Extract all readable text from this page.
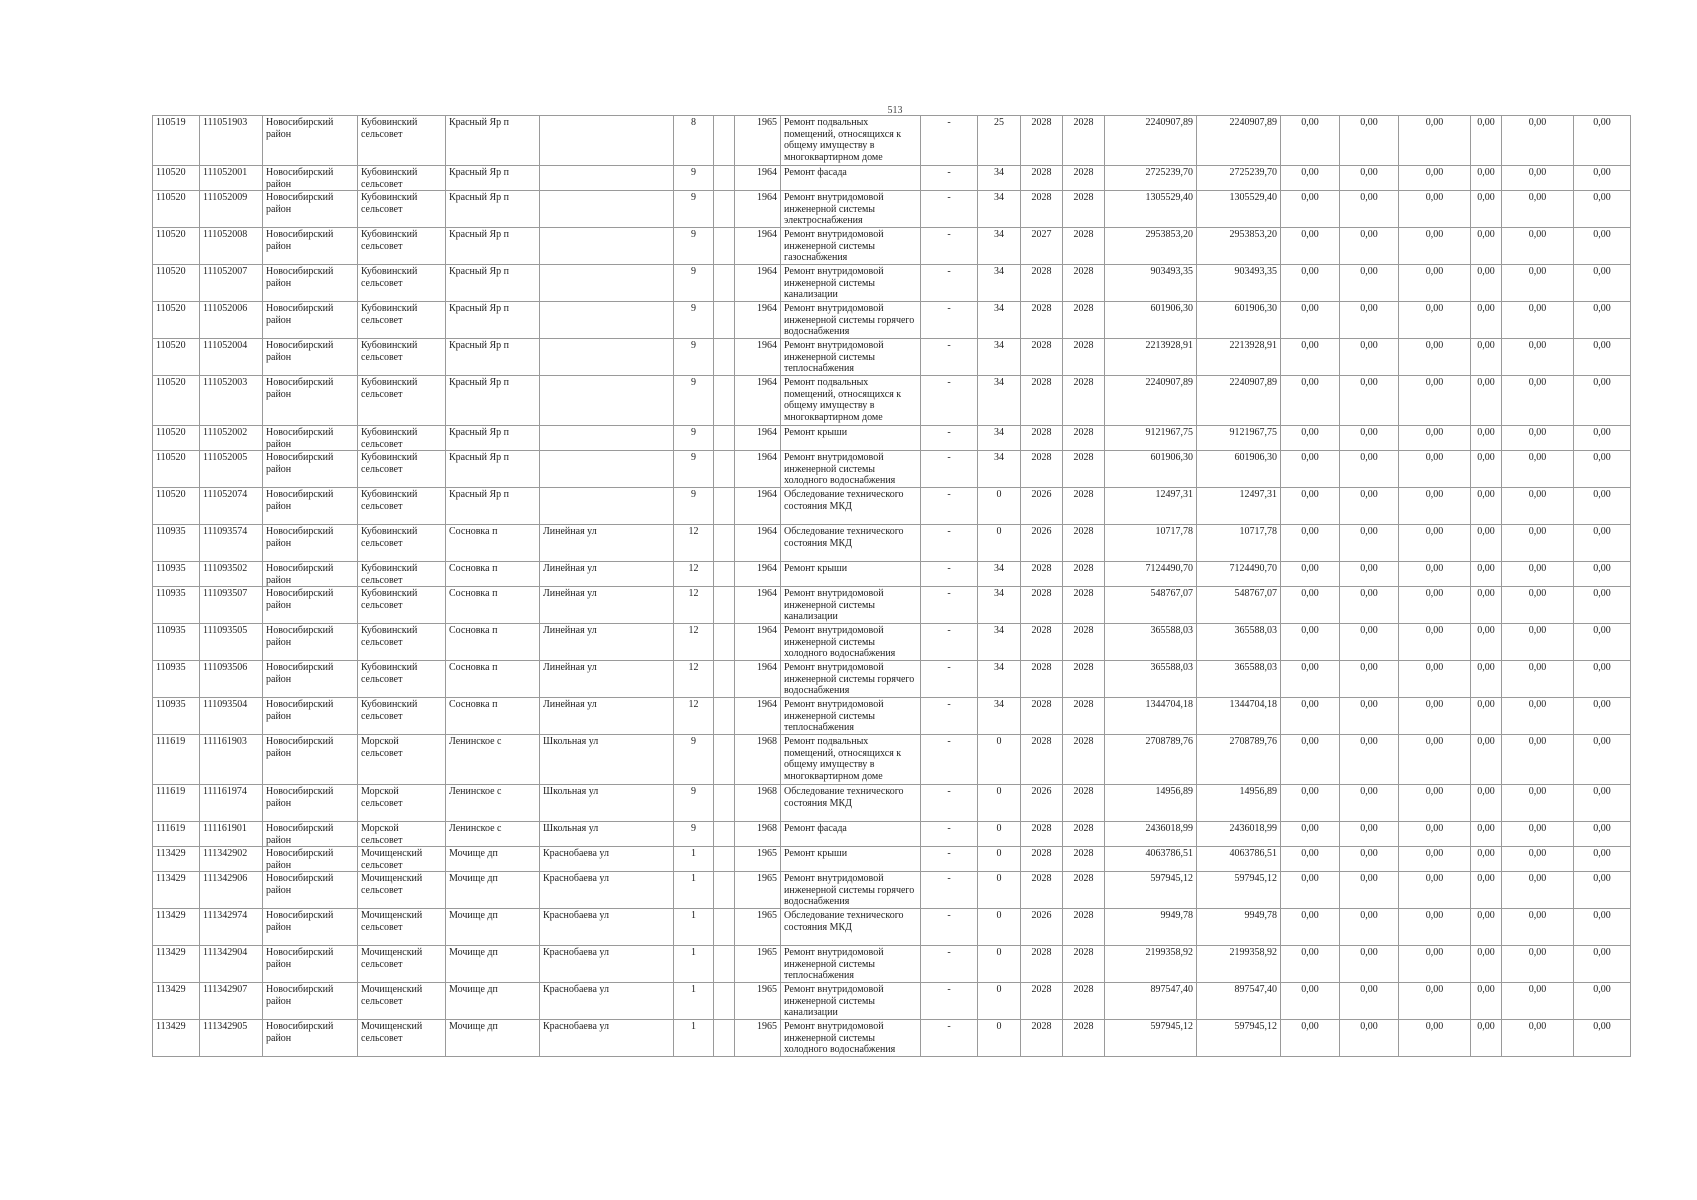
513
110519	111051903	Новосибирский район	Кубовинский сельсовет	Красный Яр п		8		1965	Ремонт подвальных помещений, относящихся к общему имуществу в многоквартирном доме	-	25	2028	2028	2240907,89	2240907,89	0,00	0,00	0,00	0,00	0,00	0,00
110520	111052001	Новосибирский район	Кубовинский сельсовет	Красный Яр п		9		1964	Ремонт фасада	-	34	2028	2028	2725239,70	2725239,70	0,00	0,00	0,00	0,00	0,00	0,00
110520	111052009	Новосибирский район	Кубовинский сельсовет	Красный Яр п		9		1964	Ремонт внутридомовой инженерной системы электроснабжения	-	34	2028	2028	1305529,40	1305529,40	0,00	0,00	0,00	0,00	0,00	0,00
110520	111052008	Новосибирский район	Кубовинский сельсовет	Красный Яр п		9		1964	Ремонт внутридомовой инженерной системы газоснабжения	-	34	2027	2028	2953853,20	2953853,20	0,00	0,00	0,00	0,00	0,00	0,00
110520	111052007	Новосибирский район	Кубовинский сельсовет	Красный Яр п		9		1964	Ремонт внутридомовой инженерной системы канализации	-	34	2028	2028	903493,35	903493,35	0,00	0,00	0,00	0,00	0,00	0,00
110520	111052006	Новосибирский район	Кубовинский сельсовет	Красный Яр п		9		1964	Ремонт внутридомовой инженерной системы горячего водоснабжения	-	34	2028	2028	601906,30	601906,30	0,00	0,00	0,00	0,00	0,00	0,00
110520	111052004	Новосибирский район	Кубовинский сельсовет	Красный Яр п		9		1964	Ремонт внутридомовой инженерной системы теплоснабжения	-	34	2028	2028	2213928,91	2213928,91	0,00	0,00	0,00	0,00	0,00	0,00
110520	111052003	Новосибирский район	Кубовинский сельсовет	Красный Яр п		9		1964	Ремонт подвальных помещений, относящихся к общему имуществу в многоквартирном доме	-	34	2028	2028	2240907,89	2240907,89	0,00	0,00	0,00	0,00	0,00	0,00
110520	111052002	Новосибирский район	Кубовинский сельсовет	Красный Яр п		9		1964	Ремонт крыши	-	34	2028	2028	9121967,75	9121967,75	0,00	0,00	0,00	0,00	0,00	0,00
110520	111052005	Новосибирский район	Кубовинский сельсовет	Красный Яр п		9		1964	Ремонт внутридомовой инженерной системы холодного водоснабжения	-	34	2028	2028	601906,30	601906,30	0,00	0,00	0,00	0,00	0,00	0,00
110520	111052074	Новосибирский район	Кубовинский сельсовет	Красный Яр п		9		1964	Обследование технического состояния МКД	-	0	2026	2028	12497,31	12497,31	0,00	0,00	0,00	0,00	0,00	0,00
110935	111093574	Новосибирский район	Кубовинский сельсовет	Сосновка п	Линейная ул	12		1964	Обследование технического состояния МКД	-	0	2026	2028	10717,78	10717,78	0,00	0,00	0,00	0,00	0,00	0,00
110935	111093502	Новосибирский район	Кубовинский сельсовет	Сосновка п	Линейная ул	12		1964	Ремонт крыши	-	34	2028	2028	7124490,70	7124490,70	0,00	0,00	0,00	0,00	0,00	0,00
110935	111093507	Новосибирский район	Кубовинский сельсовет	Сосновка п	Линейная ул	12		1964	Ремонт внутридомовой инженерной системы канализации	-	34	2028	2028	548767,07	548767,07	0,00	0,00	0,00	0,00	0,00	0,00
110935	111093505	Новосибирский район	Кубовинский сельсовет	Сосновка п	Линейная ул	12		1964	Ремонт внутридомовой инженерной системы холодного водоснабжения	-	34	2028	2028	365588,03	365588,03	0,00	0,00	0,00	0,00	0,00	0,00
110935	111093506	Новосибирский район	Кубовинский сельсовет	Сосновка п	Линейная ул	12		1964	Ремонт внутридомовой инженерной системы горячего водоснабжения	-	34	2028	2028	365588,03	365588,03	0,00	0,00	0,00	0,00	0,00	0,00
110935	111093504	Новосибирский район	Кубовинский сельсовет	Сосновка п	Линейная ул	12		1964	Ремонт внутридомовой инженерной системы теплоснабжения	-	34	2028	2028	1344704,18	1344704,18	0,00	0,00	0,00	0,00	0,00	0,00
111619	111161903	Новосибирский район	Морской сельсовет	Ленинское с	Школьная ул	9		1968	Ремонт подвальных помещений, относящихся к общему имуществу в многоквартирном доме	-	0	2028	2028	2708789,76	2708789,76	0,00	0,00	0,00	0,00	0,00	0,00
111619	111161974	Новосибирский район	Морской сельсовет	Ленинское с	Школьная ул	9		1968	Обследование технического состояния МКД	-	0	2026	2028	14956,89	14956,89	0,00	0,00	0,00	0,00	0,00	0,00
111619	111161901	Новосибирский район	Морской сельсовет	Ленинское с	Школьная ул	9		1968	Ремонт фасада	-	0	2028	2028	2436018,99	2436018,99	0,00	0,00	0,00	0,00	0,00	0,00
113429	111342902	Новосибирский район	Мочищенский сельсовет	Мочище дп	Краснобаева ул	1		1965	Ремонт крыши	-	0	2028	2028	4063786,51	4063786,51	0,00	0,00	0,00	0,00	0,00	0,00
113429	111342906	Новосибирский район	Мочищенский сельсовет	Мочище дп	Краснобаева ул	1		1965	Ремонт внутридомовой инженерной системы горячего водоснабжения	-	0	2028	2028	597945,12	597945,12	0,00	0,00	0,00	0,00	0,00	0,00
113429	111342974	Новосибирский район	Мочищенский сельсовет	Мочище дп	Краснобаева ул	1		1965	Обследование технического состояния МКД	-	0	2026	2028	9949,78	9949,78	0,00	0,00	0,00	0,00	0,00	0,00
113429	111342904	Новосибирский район	Мочищенский сельсовет	Мочище дп	Краснобаева ул	1		1965	Ремонт внутридомовой инженерной системы теплоснабжения	-	0	2028	2028	2199358,92	2199358,92	0,00	0,00	0,00	0,00	0,00	0,00
113429	111342907	Новосибирский район	Мочищенский сельсовет	Мочище дп	Краснобаева ул	1		1965	Ремонт внутридомовой инженерной системы канализации	-	0	2028	2028	897547,40	897547,40	0,00	0,00	0,00	0,00	0,00	0,00
113429	111342905	Новосибирский район	Мочищенский сельсовет	Мочище дп	Краснобаева ул	1		1965	Ремонт внутридомовой инженерной системы холодного водоснабжения	-	0	2028	2028	597945,12	597945,12	0,00	0,00	0,00	0,00	0,00	0,00
